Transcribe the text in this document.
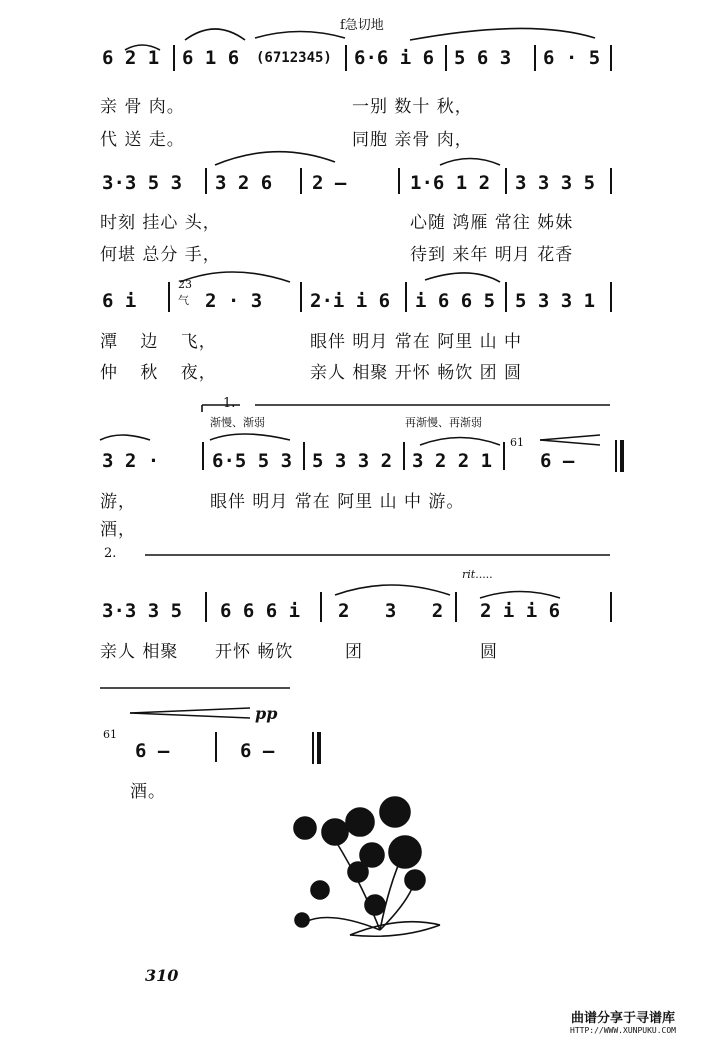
f急切地
6 2 1 6 1 6 (6712345) 6·6 i 6 5 6 3 6 · 5
亲 骨 肉。	一别 数十 秋，
代 送 走。	同胞 亲骨 肉，
3·3 5 3 3 2 6 2 —	1·6 1 2 3 3 3 5
时刻 挂心 头，	心随 鸿雁 常往 姊妹
何堪 总分 手，	待到 来年 明月 花香
6 i
23
气 2 · 3	2·i i 6 i 6 6 5 5 3 3 1
潭 边 飞，	眼伴 明月 常在 阿里 山 中
仲 秋 夜，	亲人 相聚 开怀 畅饮 团 圆
1.
渐慢、渐弱	再渐慢、再渐弱
3 2 ·	6·5 5 3 5 3 3 2 3 2 2 1
61
6 —
游，	眼伴 明月 常在 阿里 山 中 游。
酒，
2.
rit.....
3·3 3 5 6 6 6 i 2 3 2 2 i i 6
亲人 相聚 开怀 畅饮	团	圆
pp
61
6 —	6 —
酒。
310
曲谱分享于寻谱库
HTTP://WWW.XUNPUKU.COM
